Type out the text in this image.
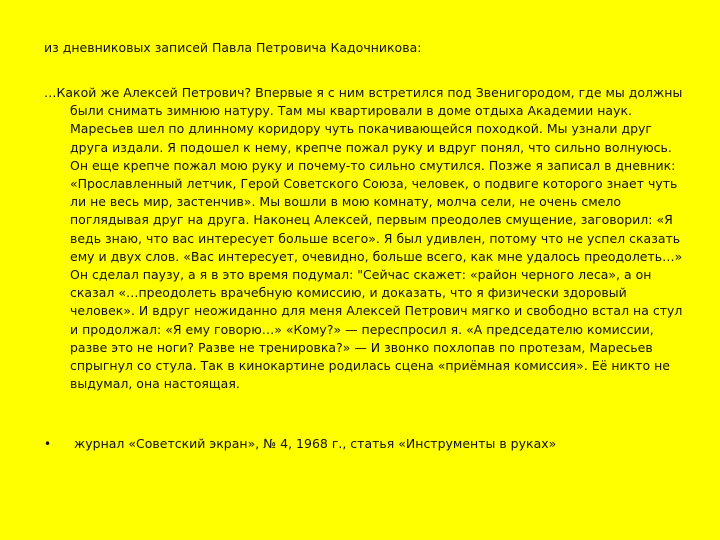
из дневниковых записей Павла Петровича Кадочникова:
…Какой же Алексей Петрович? Впервые я с ним встретился под Звенигородом, где мы должны были снимать зимнюю натуру. Там мы квартировали в доме отдыха Академии наук. Маресьев шел по длинному коридору чуть покачивающейся походкой. Мы узнали друг друга издали. Я подошел к нему, крепче пожал руку и вдруг понял, что сильно волнуюсь. Он еще крепче пожал мою руку и почему-то сильно смутился. Позже я записал в дневник: «Прославленный летчик, Герой Советского Союза, человек, о подвиге которого знает чуть ли не весь мир, застенчив». Мы вошли в мою комнату, молча сели, не очень смело поглядывая друг на друга. Наконец Алексей, первым преодолев смущение, заговорил: «Я ведь знаю, что вас интересует больше всего». Я был удивлен, потому что не успел сказать ему и двух слов. «Вас интересует, очевидно, больше всего, как мне удалось преодолеть…» Он сделал паузу, а я в это время подумал: "Сейчас скажет: «район черного леса», а он сказал «…преодолеть врачебную комиссию, и доказать, что я физически здоровый человек». И вдруг неожиданно для меня Алексей Петрович мягко и свободно встал на стул и продолжал: «Я ему говорю…» «Кому?» — переспросил я. «А председателю комиссии, разве это не ноги? Разве не тренировка?» — И звонко похлопав по протезам, Маресьев спрыгнул со стула. Так в кинокартине родилась сцена «приёмная комиссия». Её никто не выдумал, она настоящая.
• журнал «Советский экран», № 4, 1968 г., статья «Инструменты в руках»
